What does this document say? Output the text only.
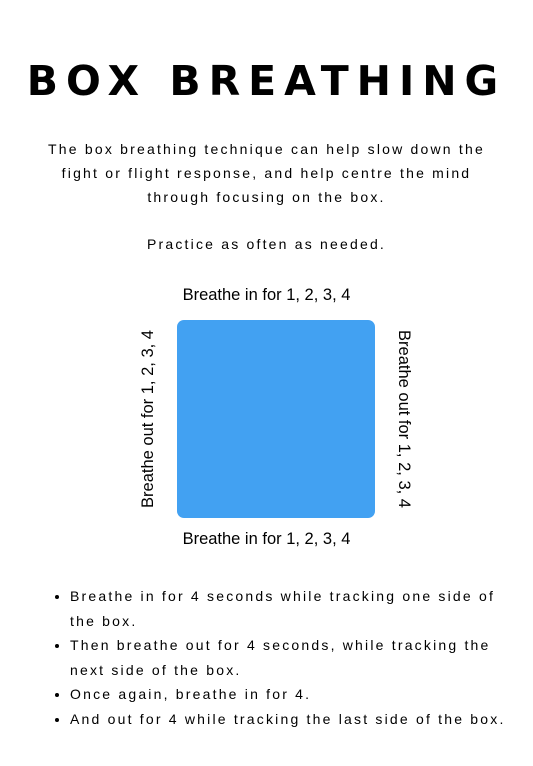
BOX BREATHING
The box breathing technique can help slow down the fight or flight response, and help centre the mind through focusing on the box.
Practice as often as needed.
Breathe in for 1, 2, 3, 4
Breathe out for 1, 2, 3, 4	Breathe out for 1, 2, 3, 4
Breathe in for 1, 2, 3, 4
• Breathe in for 4 seconds while tracking one side of the box.
• Then breathe out for 4 seconds, while tracking the next side of the box.
• Once again, breathe in for 4.
• And out for 4 while tracking the last side of the box.
